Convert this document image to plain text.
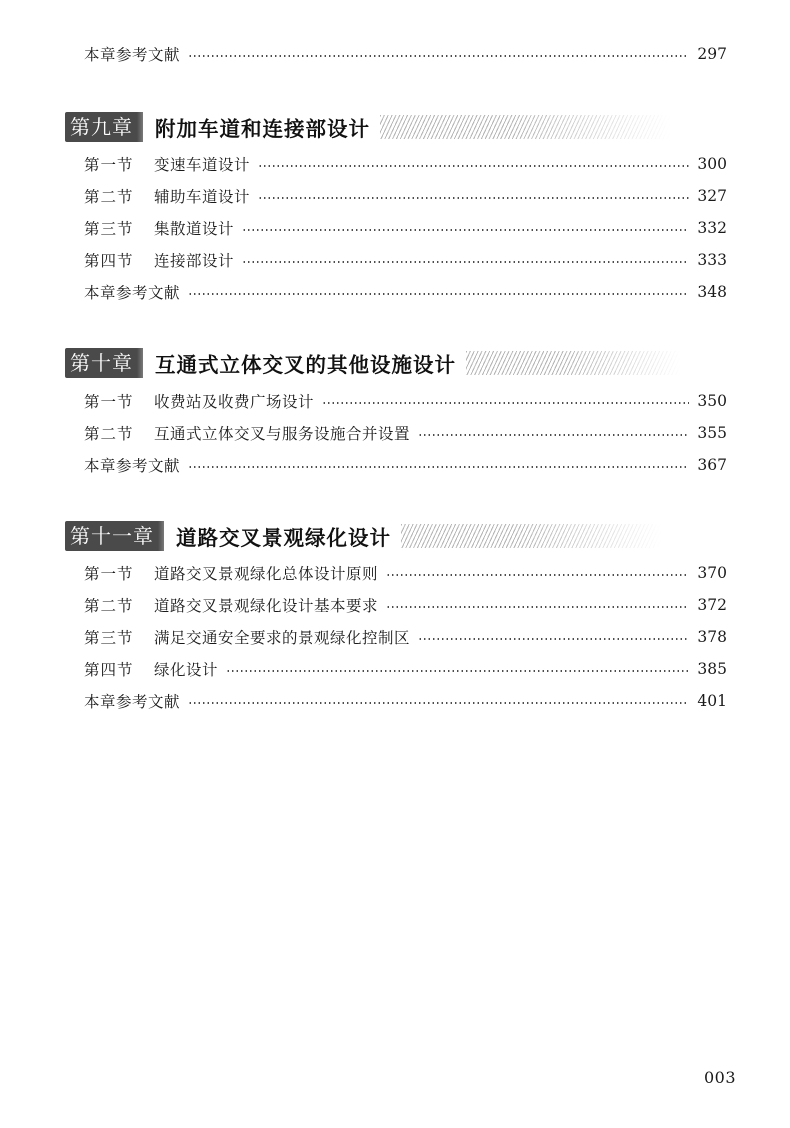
本章参考文献	297
第九章 附加车道和连接部设计
第一节	变速车道设计	300
第二节	辅助车道设计	327
第三节	集散道设计	332
第四节	连接部设计	333
本章参考文献	348
第十章 互通式立体交叉的其他设施设计
第一节	收费站及收费广场设计	350
第二节	互通式立体交叉与服务设施合并设置	355
本章参考文献	367
第十一章 道路交叉景观绿化设计
第一节	道路交叉景观绿化总体设计原则	370
第二节	道路交叉景观绿化设计基本要求	372
第三节	满足交通安全要求的景观绿化控制区	378
第四节	绿化设计	385
本章参考文献	401
003
